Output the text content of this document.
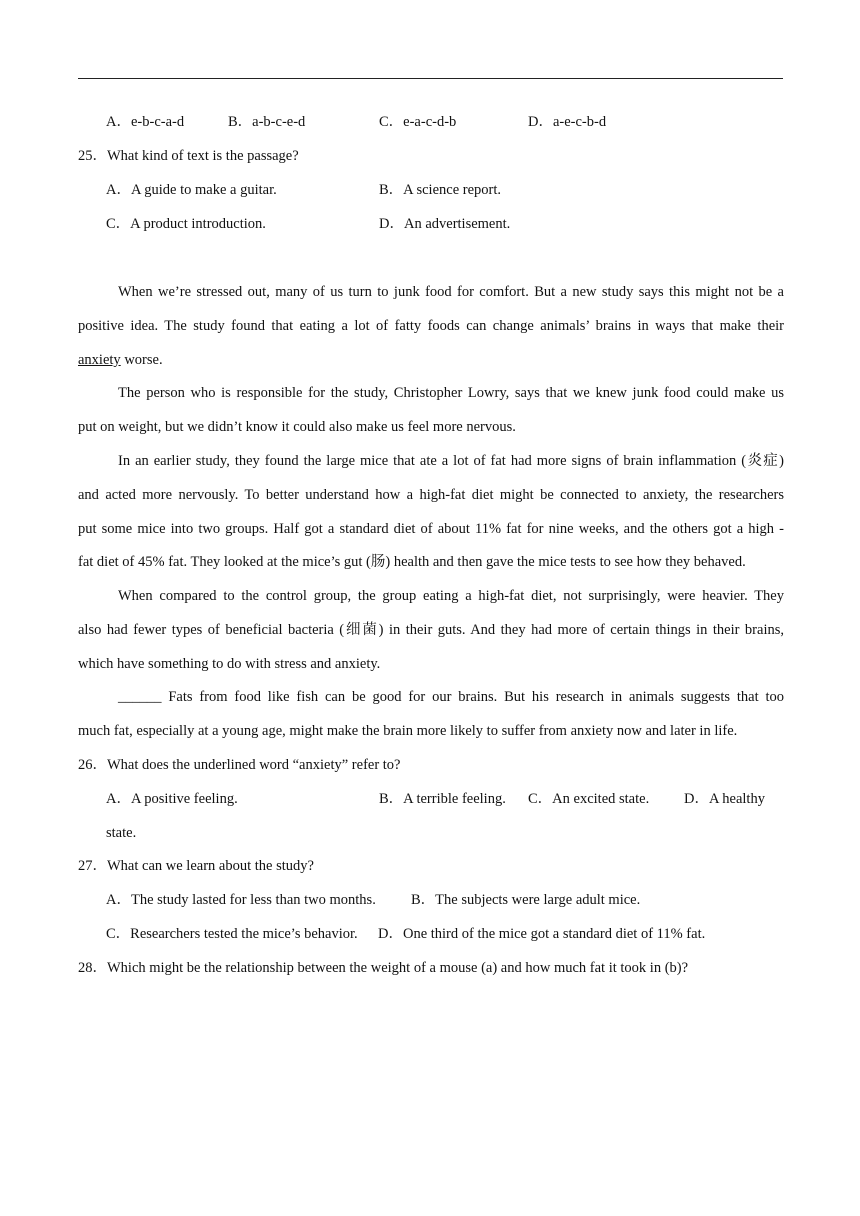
A．e-b-c-a-d	B．a-b-c-e-d	C．e-a-c-d-b	D．a-e-c-b-d
25．What kind of text is the passage?
A．A guide to make a guitar.	B．A science report.
C．A product introduction.	D．An advertisement.
When we’re stressed out, many of us turn to junk food for comfort. But a new study says this might not be a
positive idea. The study found that eating a lot of fatty foods can change animals’ brains in ways that make their
anxiety worse.
The person who is responsible for the study, Christopher Lowry, says that we knew junk food could make us
put on weight, but we didn’t know it could also make us feel more nervous.
In an earlier study, they found the large mice that ate a lot of fat had more signs of brain inflammation (炎症)
and acted more nervously. To better understand how a high-fat diet might be connected to anxiety, the researchers
put some mice into two groups. Half got a standard diet of about 11% fat for nine weeks, and the others got a high -
fat diet of 45% fat. They looked at the mice’s gut (肠) health and then gave the mice tests to see how they behaved.
When compared to the control group, the group eating a high-fat diet, not surprisingly, were heavier. They
also had fewer types of beneficial bacteria (细菌) in their guts. And they had more of certain things in their brains,
which have something to do with stress and anxiety.
______ Fats from food like fish can be good for our brains. But his research in animals suggests that too
much fat, especially at a young age, might make the brain more likely to suffer from anxiety now and later in life.
26．What does the underlined word “anxiety” refer to?
A．A positive feeling.	B．A terrible feeling. C．An excited state. D．A healthy
state.
27．What can we learn about the study?
A．The study lasted for less than two months. B．The subjects were large adult mice.
C．Researchers tested the mice’s behavior. D．One third of the mice got a standard diet of 11% fat.
28．Which might be the relationship between the weight of a mouse (a) and how much fat it took in (b)?
